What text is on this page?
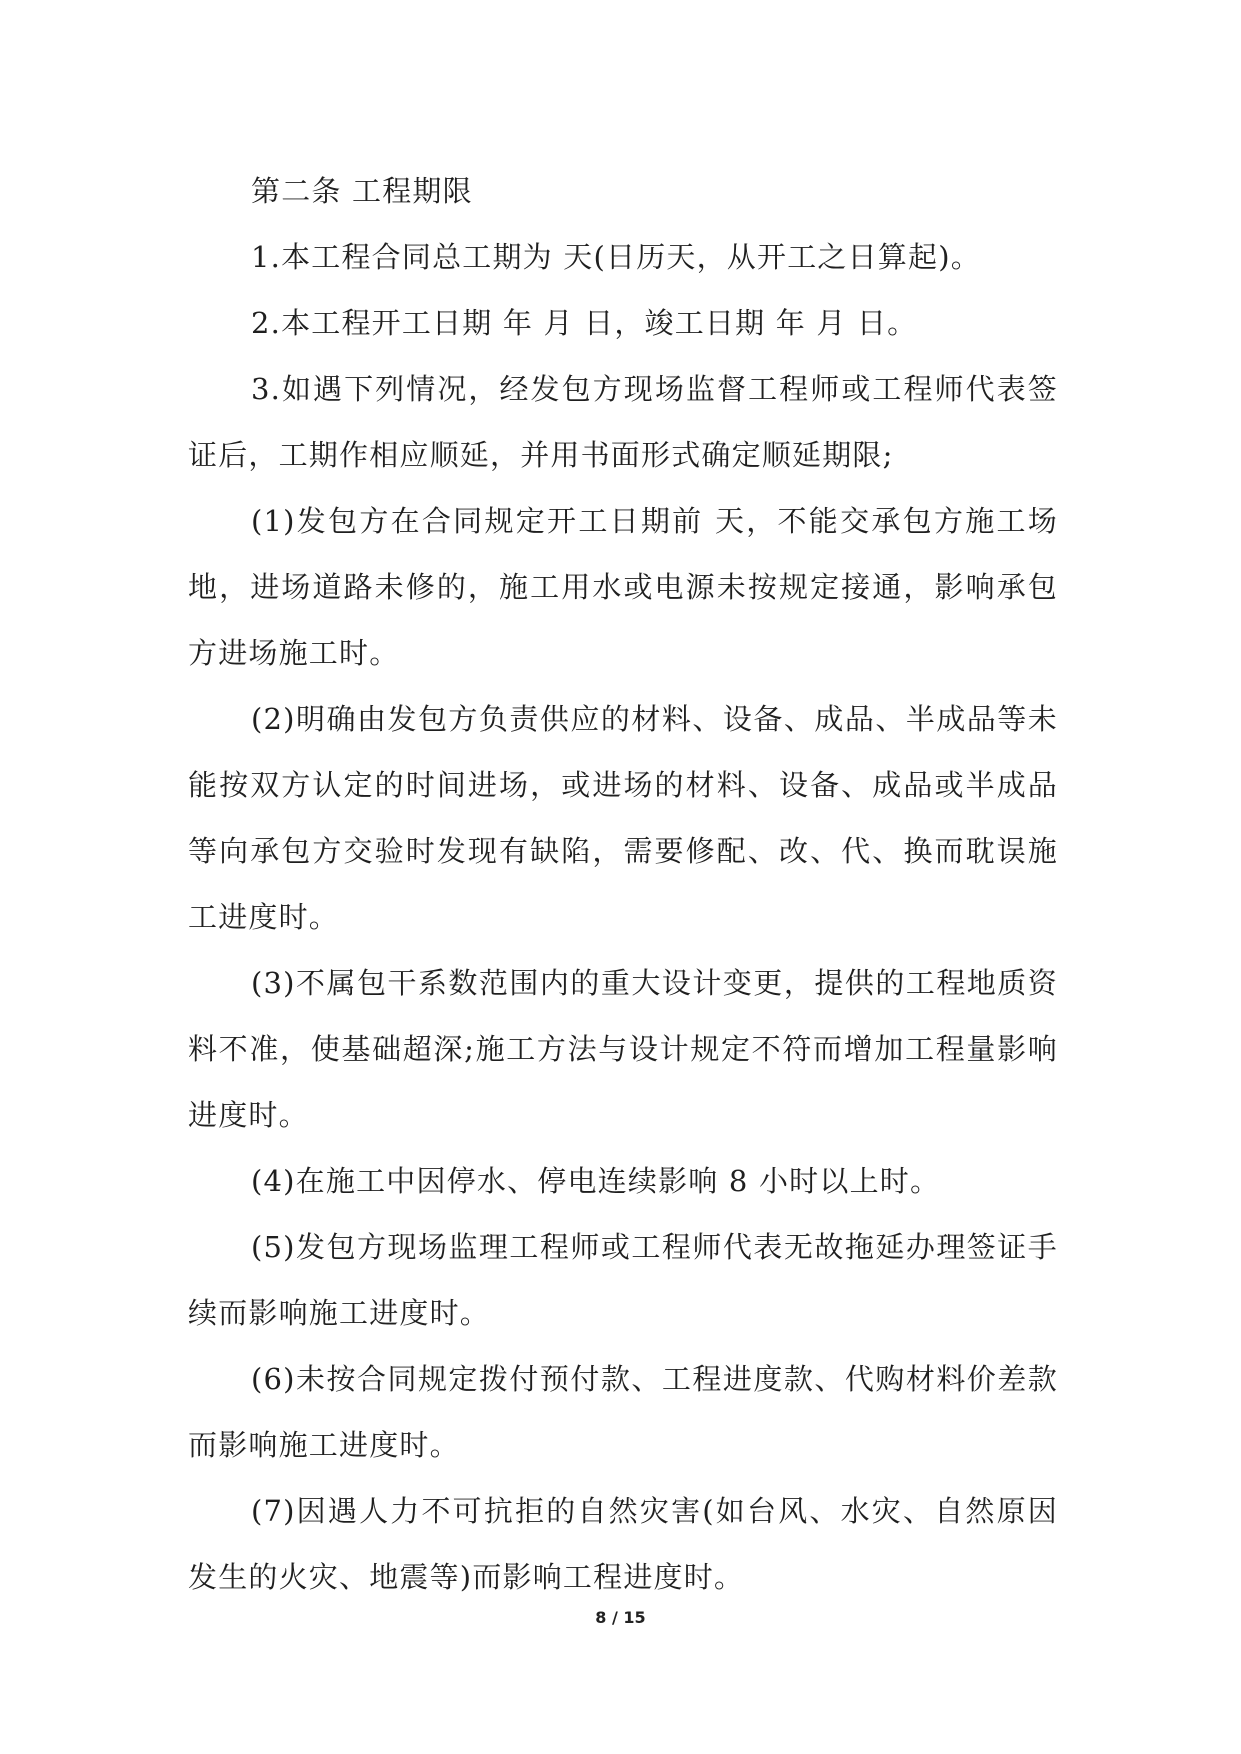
第二条 工程期限

1.本工程合同总工期为 天(日历天，从开工之日算起)。

2.本工程开工日期 年 月 日，竣工日期 年 月 日。

3.如遇下列情况，经发包方现场监督工程师或工程师代表签证后，工期作相应顺延，并用书面形式确定顺延期限;

(1)发包方在合同规定开工日期前 天，不能交承包方施工场地，进场道路未修的，施工用水或电源未按规定接通，影响承包方进场施工时。

(2)明确由发包方负责供应的材料、设备、成品、半成品等未能按双方认定的时间进场，或进场的材料、设备、成品或半成品等向承包方交验时发现有缺陷，需要修配、改、代、换而耽误施工进度时。

(3)不属包干系数范围内的重大设计变更，提供的工程地质资料不准，使基础超深;施工方法与设计规定不符而增加工程量影响进度时。

(4)在施工中因停水、停电连续影响 8 小时以上时。

(5)发包方现场监理工程师或工程师代表无故拖延办理签证手续而影响施工进度时。

(6)未按合同规定拨付预付款、工程进度款、代购材料价差款而影响施工进度时。

(7)因遇人力不可抗拒的自然灾害(如台风、水灾、自然原因发生的火灾、地震等)而影响工程进度时。

8 / 15
